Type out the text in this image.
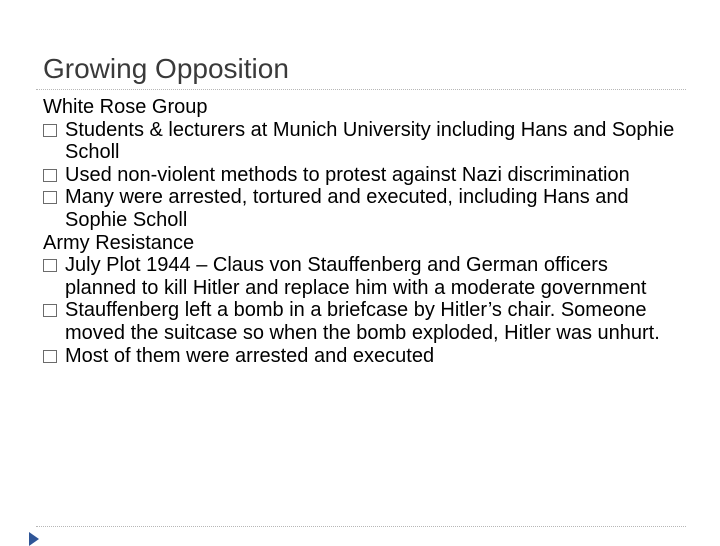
Growing Opposition
White Rose Group
Students & lecturers at Munich University including Hans and Sophie Scholl
Used non-violent methods to protest against Nazi discrimination
Many were arrested, tortured and executed, including Hans and Sophie Scholl
Army Resistance
July Plot 1944 – Claus von Stauffenberg and German officers planned to kill Hitler and replace him with a moderate government
Stauffenberg left a bomb in a briefcase by Hitler’s chair. Someone moved the suitcase so when the bomb exploded, Hitler was unhurt.
Most of them were arrested and executed
